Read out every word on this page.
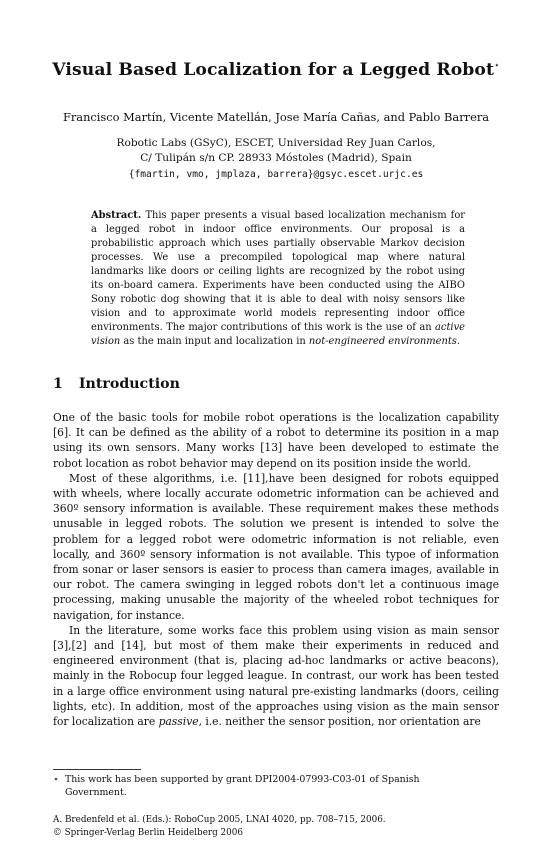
Visual Based Localization for a Legged Robot⋆
Francisco Martín, Vicente Matellán, Jose María Cañas, and Pablo Barrera
Robotic Labs (GSyC), ESCET, Universidad Rey Juan Carlos,
C/ Tulipán s/n CP. 28933 Móstoles (Madrid), Spain
{fmartin, vmo, jmplaza, barrera}@gsyc.escet.urjc.es
Abstract. This paper presents a visual based localization mechanism for a legged robot in indoor office environments. Our proposal is a probabilistic approach which uses partially observable Markov decision processes. We use a precompiled topological map where natural landmarks like doors or ceiling lights are recognized by the robot using its on-board camera. Experiments have been conducted using the AIBO Sony robotic dog showing that it is able to deal with noisy sensors like vision and to approximate world models representing indoor office environments. The major contributions of this work is the use of an active vision as the main input and localization in not-engineered environments.
1 Introduction

One of the basic tools for mobile robot operations is the localization capability [6]. It can be defined as the ability of a robot to determine its position in a map using its own sensors. Many works [13] have been developed to estimate the robot location as robot behavior may depend on its position inside the world.

Most of these algorithms, i.e. [11],have been designed for robots equipped with wheels, where locally accurate odometric information can be achieved and 360º sensory information is available. These requirement makes these methods unusable in legged robots. The solution we present is intended to solve the problem for a legged robot were odometric information is not reliable, even locally, and 360º sensory information is not available. This typoe of information from sonar or laser sensors is easier to process than camera images, available in our robot. The camera swinging in legged robots don't let a continuous image processing, making unusable the majority of the wheeled robot techniques for navigation, for instance.

In the literature, some works face this problem using vision as main sensor [3],[2] and [14], but most of them make their experiments in reduced and engineered environment (that is, placing ad-hoc landmarks or active beacons), mainly in the Robocup four legged league. In contrast, our work has been tested in a large office environment using natural pre-existing landmarks (doors, ceiling lights, etc). In addition, most of the approaches using vision as the main sensor for localization are passive, i.e. neither the sensor position, nor orientation are

⋆ This work has been supported by grant DPI2004-07993-C03-01 of Spanish
Government.
A. Bredenfeld et al. (Eds.): RoboCup 2005, LNAI 4020, pp. 708–715, 2006.
© Springer-Verlag Berlin Heidelberg 2006
